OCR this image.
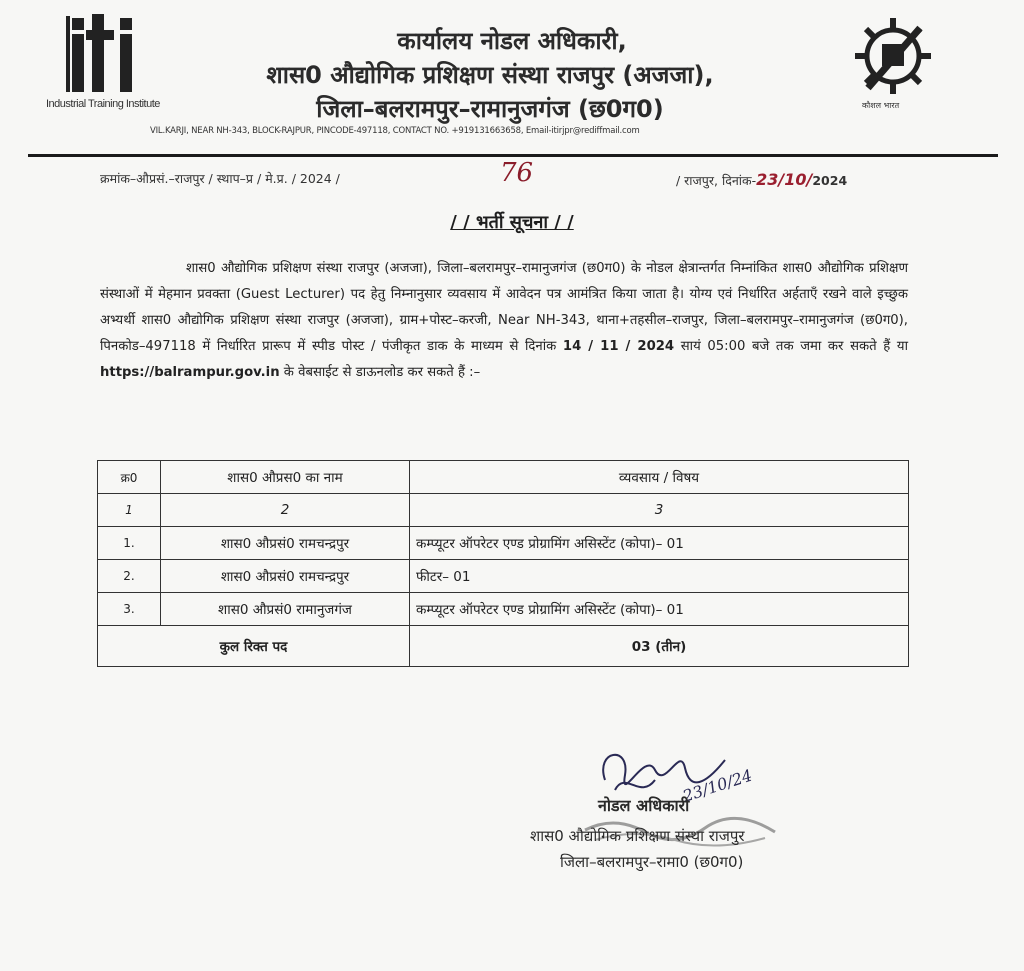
Industrial Training Institute
कार्यालय नोडल अधिकारी,
शास0 औद्योगिक प्रशिक्षण संस्था राजपुर (अजजा),
जिला–बलरामपुर–रामानुजगंज (छ0ग0)
VIL.KARJI, NEAR NH-343, BLOCK-RAJPUR, PINCODE-497118, CONTACT NO. +919131663658, Email-itirjpr@rediffmail.com
कौशल भारत
क्रमांक–औप्रसं.–राजपुर / स्थाप–प्र / मे.प्र. / 2024 /	76	/ राजपुर, दिनांक-23/10/2024
/ / भर्ती सूचना / /
शास0 औद्योगिक प्रशिक्षण संस्था राजपुर (अजजा), जिला–बलरामपुर–रामानुजगंज (छ0ग0) के नोडल क्षेत्रान्तर्गत निम्नांकित शास0 औद्योगिक प्रशिक्षण संस्थाओं में मेहमान प्रवक्ता (Guest Lecturer) पद हेतु निम्नानुसार व्यवसाय में आवेदन पत्र आमंत्रित किया जाता है। योग्य एवं निर्धारित अर्हताएँ रखने वाले इच्छुक अभ्यर्थी शास0 औद्योगिक प्रशिक्षण संस्था राजपुर (अजजा), ग्राम+पोस्ट–करजी, Near NH-343, थाना+तहसील–राजपुर, जिला–बलरामपुर–रामानुजगंज (छ0ग0), पिनकोड–497118 में निर्धारित प्रारूप में स्पीड पोस्ट / पंजीकृत डाक के माध्यम से दिनांक 14 / 11 / 2024 सायं 05:00 बजे तक जमा कर सकते हैं या https://balrampur.gov.in के वेबसाईट से डाऊनलोड कर सकते हैं :–
क्र0	शास0 औप्रस0 का नाम	व्यवसाय / विषय
1	2	3
1.	शास0 औप्रसं0 रामचन्द्रपुर	कम्प्यूटर ऑपरेटर एण्ड प्रोग्रामिंग असिस्टेंट (कोपा)– 01
2.	शास0 औप्रसं0 रामचन्द्रपुर	फीटर– 01
3.	शास0 औप्रसं0 रामानुजगंज	कम्प्यूटर ऑपरेटर एण्ड प्रोग्रामिंग असिस्टेंट (कोपा)– 01
कुल रिक्त पद		03 (तीन)
23/10/24
नोडल अधिकारी
शास0 औद्योगिक प्रशिक्षण संस्था राजपुर
जिला–बलरामपुर–रामा0 (छ0ग0)
